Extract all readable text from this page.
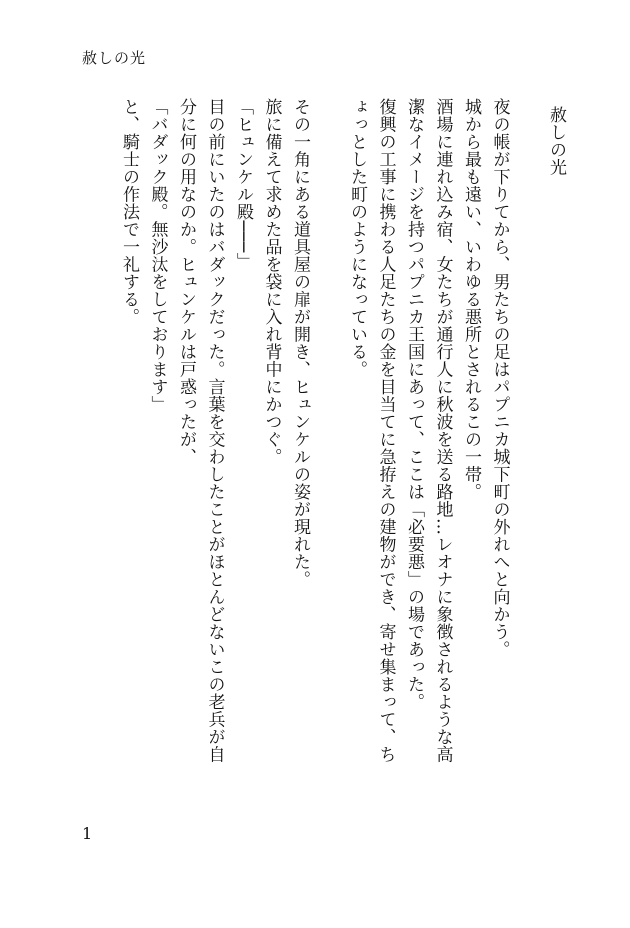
赦しの光
赦しの光
夜の帳が下りてから、男たちの足はパプニカ城下町の外れへと向かう。
城から最も遠い、いわゆる悪所とされるこの一帯。
酒場に連れ込み宿、女たちが通行人に秋波を送る路地…レオナに象徴されるような高
潔なイメージを持つパプニカ王国にあって、ここは「必要悪」の場であった。
復興の工事に携わる人足たちの金を目当てに急拵えの建物ができ、寄せ集まって、ち
ょっとした町のようになっている。
その一角にある道具屋の扉が開き、ヒュンケルの姿が現れた。
旅に備えて求めた品を袋に入れ背中にかつぐ。
「ヒュンケル殿───」
目の前にいたのはバダックだった。言葉を交わしたことがほとんどないこの老兵が自
分に何の用なのか。ヒュンケルは戸惑ったが、
「バダック殿。無沙汰をしております」
と、騎士の作法で一礼する。
1
